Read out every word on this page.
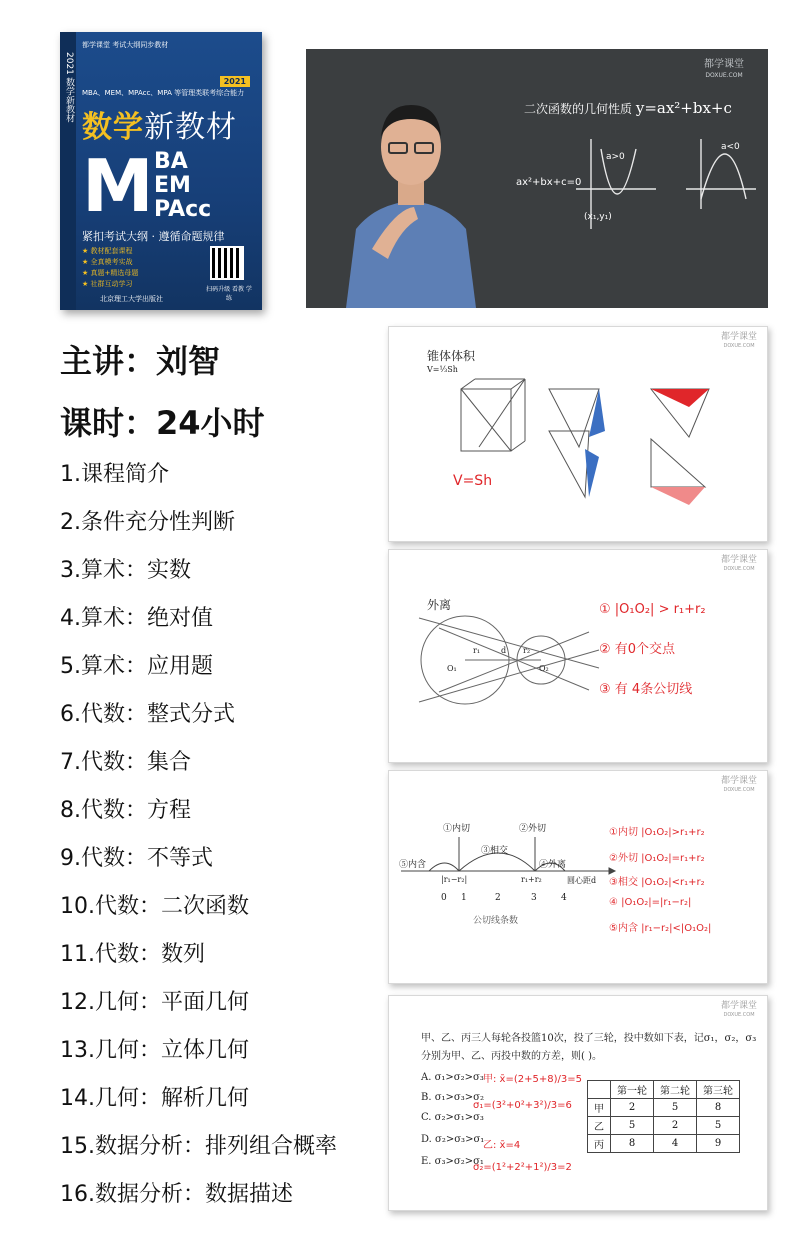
2021 数学新教材
都学课堂 考试大纲同步教材
2021
MBA、MEM、MPAcc、MPA 等管理类联考综合能力
数学新教材
M BA
EM
PAcc
紧扣考试大纲 · 遵循命题规律
★ 教材配套课程
★ 全真模考实战
★ 真题+精选母题
★ 社群互动学习
扫码升级 看教 学练
北京理工大学出版社
都学课堂
DOXUE.COM
二次函数的几何性质 y=ax²+bx+c
a>0
a<0
ax²+bx+c=0
(x₁,y₁)
主讲：刘智
课时：24小时
1.课程简介
2.条件充分性判断
3.算术：实数
4.算术：绝对值
5.算术：应用题
6.代数：整式分式
7.代数：集合
8.代数：方程
9.代数：不等式
10.代数：二次函数
11.代数：数列
12.几何：平面几何
13.几何：立体几何
14.几何：解析几何
15.数据分析：排列组合概率
16.数据分析：数据描述
都学课堂
DOXUE.COM
锥体体积
V=⅓Sh
V=Sh
都学课堂
DOXUE.COM
外离
O₁	O₂
r₁	r₂
d
① |O₁O₂| > r₁+r₂
② 有0个交点
③ 有 4条公切线
都学课堂
DOXUE.COM
①内切	②外切
⑤内含
③相交
④外离
|r₁−r₂|	r₁+r₂	圆心距d
0 1	2	3	4
公切线条数
①内切 |O₁O₂|>r₁+r₂
②外切 |O₁O₂|=r₁+r₂
③相交 |O₁O₂|<r₁+r₂
④ |O₁O₂|=|r₁−r₂|
⑤内含 |r₁−r₂|<|O₁O₂|
都学课堂
DOXUE.COM
甲、乙、丙三人每轮各投篮10次，投了三轮，投中数如下表，记σ₁，σ₂，σ₃分别为甲、乙、丙投中数的方差，则( )。
A. σ₁>σ₂>σ₃
B. σ₁>σ₃>σ₂
C. σ₂>σ₁>σ₃
D. σ₂>σ₃>σ₁
E. σ₃>σ₂>σ₁
	第一轮	第二轮	第三轮
甲	2	5	8
乙	5	2	5
丙	8	4	9
甲: x̄=(2+5+8)/3=5
σ₁=(3²+0²+3²)/3=6
乙: x̄=4
σ₂=(1²+2²+1²)/3=2
